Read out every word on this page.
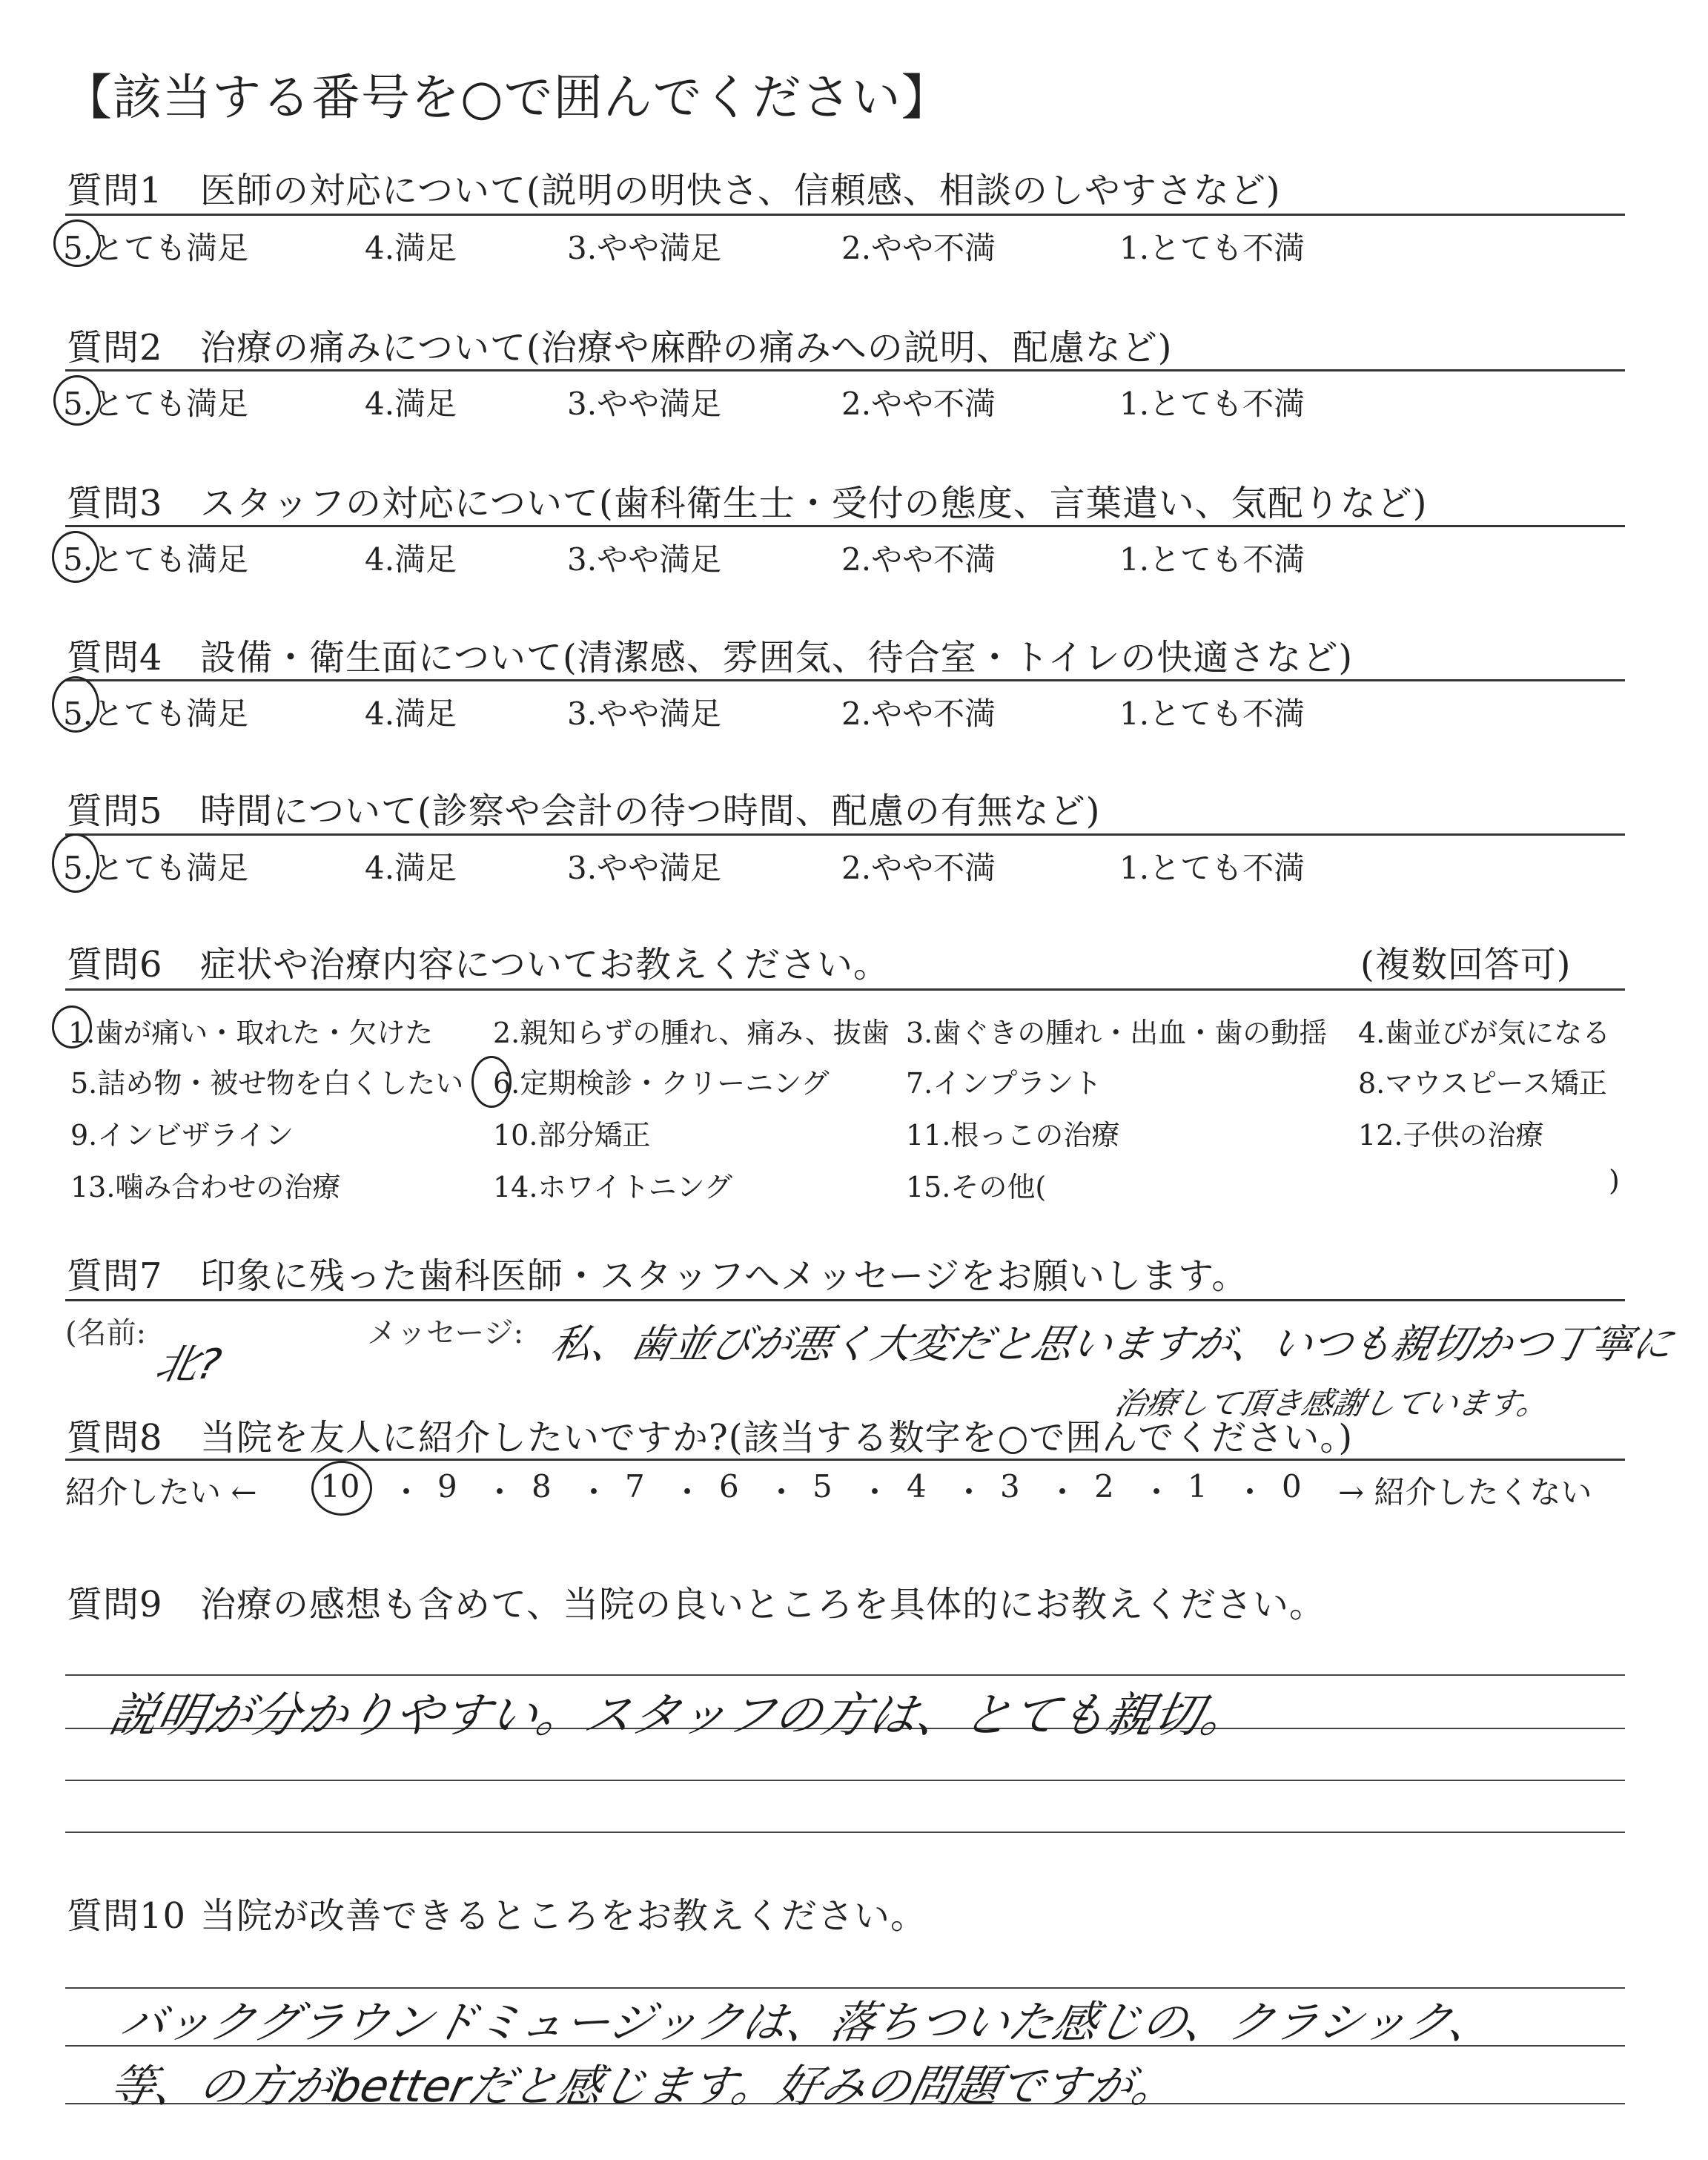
【該当する番号を○で囲んでください】
質問1 医師の対応について(説明の明快さ、信頼感、相談のしやすさなど)
5.とても満足	4.満足	3.やや満足	2.やや不満	1.とても不満
質問2 治療の痛みについて(治療や麻酔の痛みへの説明、配慮など)
5.とても満足	4.満足	3.やや満足	2.やや不満	1.とても不満
質問3 スタッフの対応について(歯科衛生士・受付の態度、言葉遣い、気配りなど)
5.とても満足	4.満足	3.やや満足	2.やや不満	1.とても不満
質問4 設備・衛生面について(清潔感、雰囲気、待合室・トイレの快適さなど)
5.とても満足	4.満足	3.やや満足	2.やや不満	1.とても不満
質問5 時間について(診察や会計の待つ時間、配慮の有無など)
5.とても満足	4.満足	3.やや満足	2.やや不満	1.とても不満
質問6 症状や治療内容についてお教えください。	(複数回答可)
1.歯が痛い・取れた・欠けた 2.親知らずの腫れ、痛み、抜歯 3.歯ぐきの腫れ・出血・歯の動揺 4.歯並びが気になる
5.詰め物・被せ物を白くしたい 6.定期検診・クリーニング	7.インプラント	8.マウスピース矯正
9.インビザライン	10.部分矯正	11.根っこの治療	12.子供の治療
13.噛み合わせの治療	14.ホワイトニング	15.その他(	)
質問7 印象に残った歯科医師・スタッフへメッセージをお願いします。
(名前:
北?
メッセージ: 私、歯並びが悪く大変だと思いますが、いつも親切かつ丁寧に
治療して頂き感謝しています。
質問8 当院を友人に紹介したいですか?(該当する数字を○で囲んでください。)
紹介したい ← 10 9 8 7 6 5 4 3 2 1 0 → 紹介したくない
・ ・ ・ ・ ・ ・ ・ ・ ・ ・
質問9 治療の感想も含めて、当院の良いところを具体的にお教えください。
説明が分かりやすい。スタッフの方は、とても親切。
質問10 当院が改善できるところをお教えください。
バックグラウンドミュージックは、落ちついた感じの、クラシック、
等、の方がbetterだと感じます。好みの問題ですが。
